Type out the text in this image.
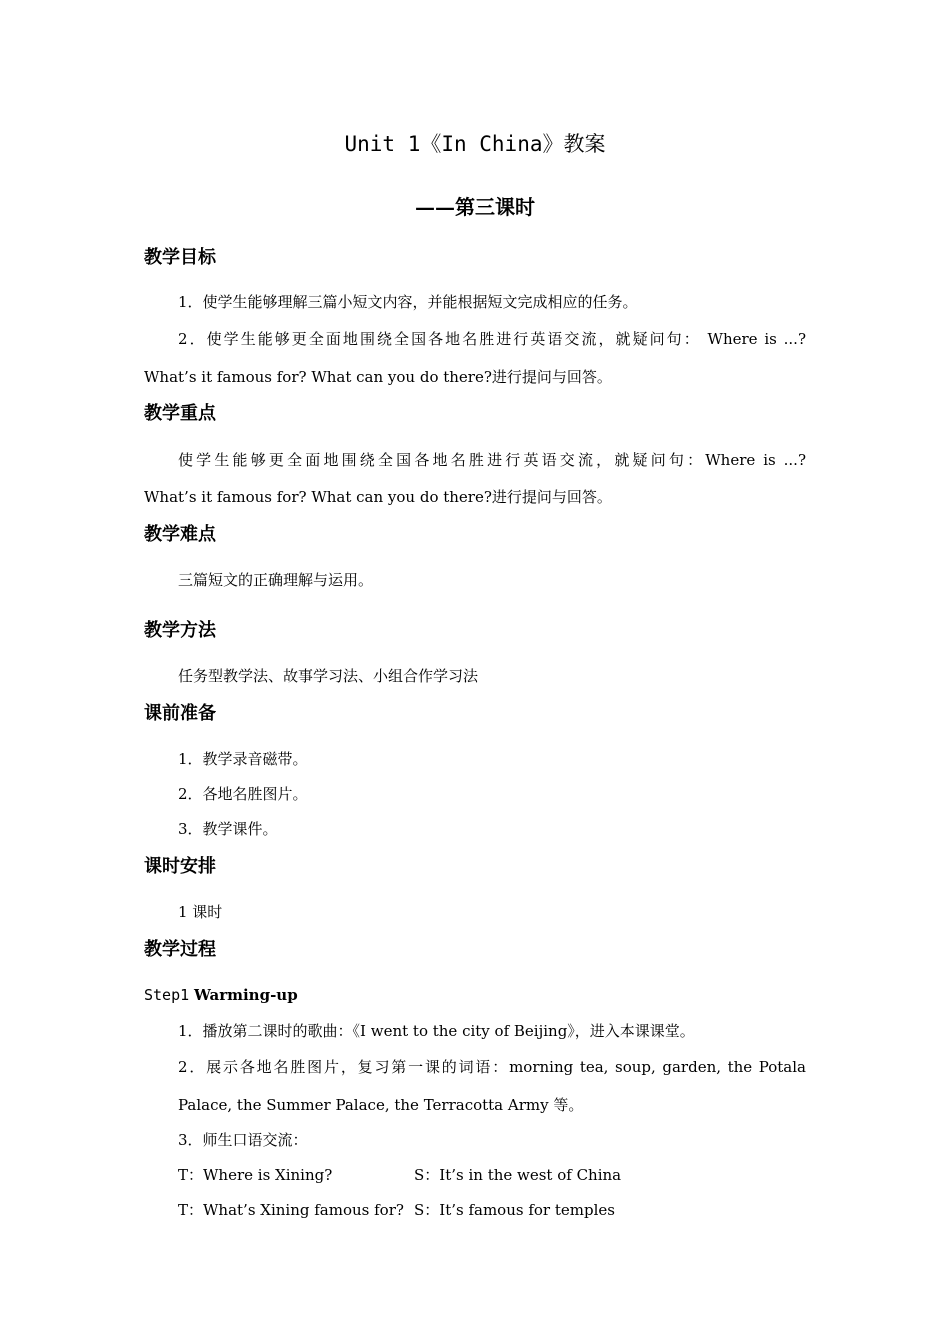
Unit 1《In China》教案
——第三课时
教学目标
1．使学生能够理解三篇小短文内容，并能根据短文完成相应的任务。
2．使学生能够更全面地围绕全国各地名胜进行英语交流，就疑问句： Where is ...?
What’s it famous for? What can you do there?进行提问与回答。
教学重点
使学生能够更全面地围绕全国各地名胜进行英语交流，就疑问句：Where is ...?
What’s it famous for? What can you do there?进行提问与回答。
教学难点
三篇短文的正确理解与运用。
教学方法
任务型教学法、故事学习法、小组合作学习法
课前准备
1．教学录音磁带。
2．各地名胜图片。
3．教学课件。
课时安排
1 课时
教学过程
Step1 Warming-up
1．播放第二课时的歌曲：《I went to the city of Beijing》，进入本课课堂。
2．展示各地名胜图片，复习第一课的词语：morning tea, soup, garden, the Potala
Palace, the Summer Palace, the Terracotta Army 等。
3．师生口语交流：
T：Where is Xining?	S：It’s in the west of China
T：What’s Xining famous for? S：It’s famous for temples
